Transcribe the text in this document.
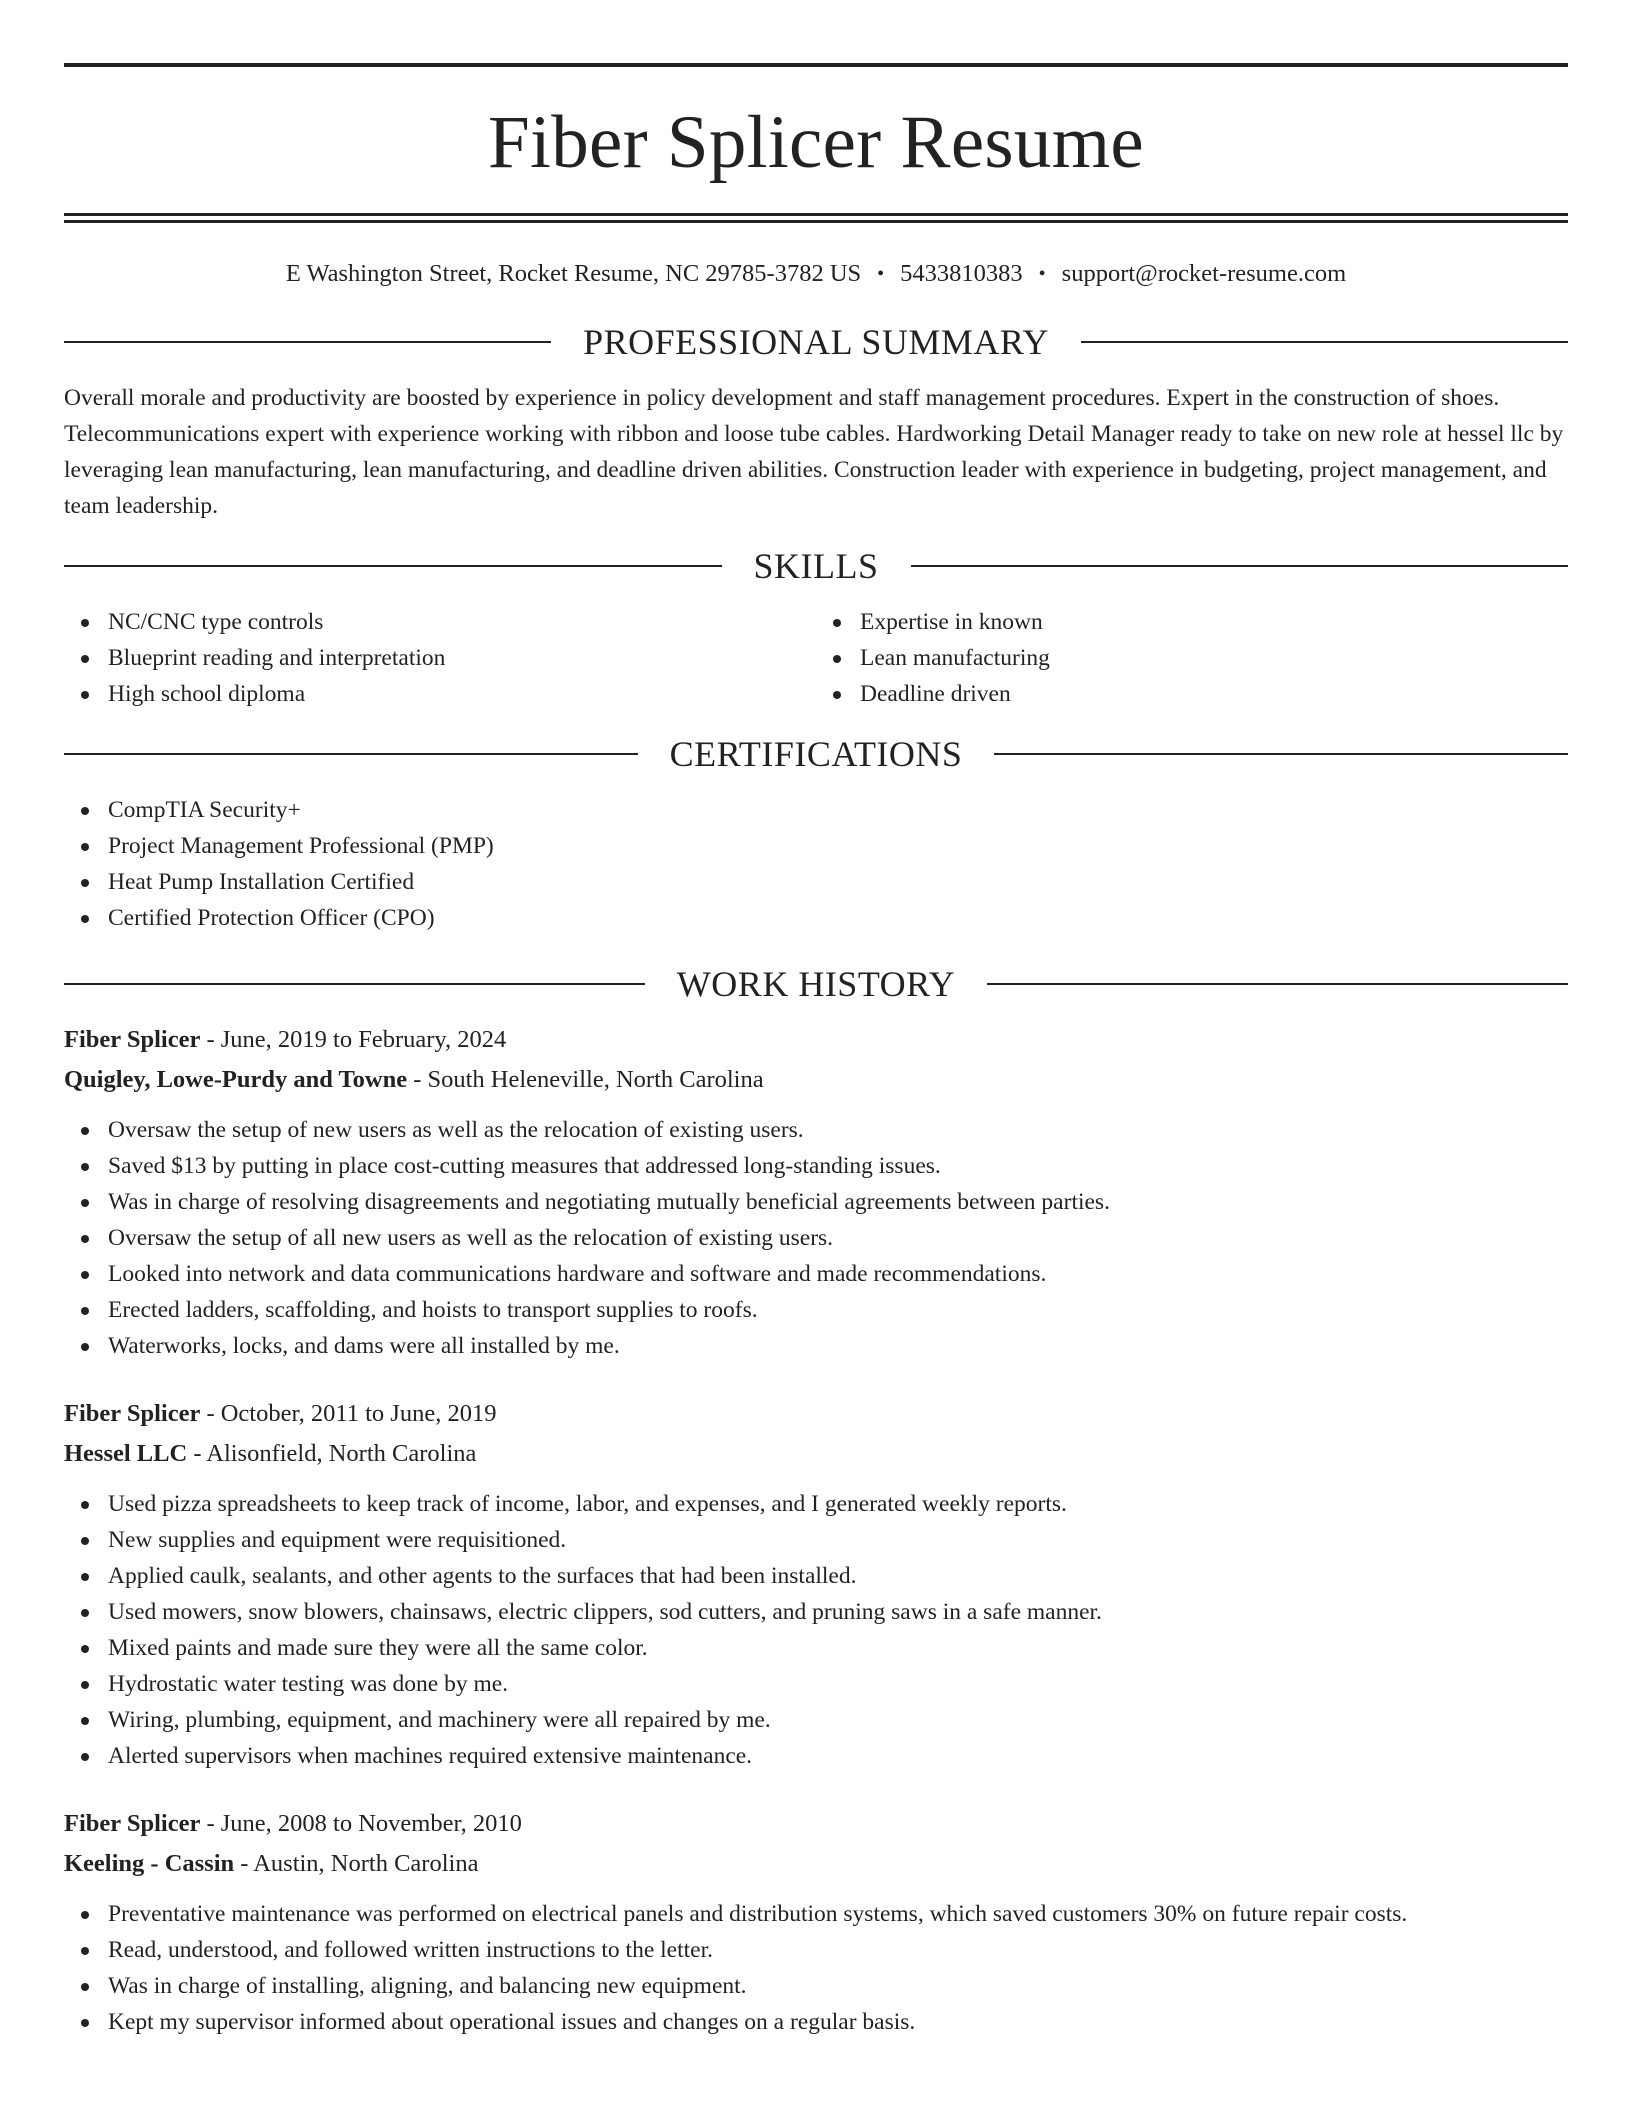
Fiber Splicer Resume
E Washington Street, Rocket Resume, NC 29785-3782 US • 5433810383 • support@rocket-resume.com
PROFESSIONAL SUMMARY

Overall morale and productivity are boosted by experience in policy development and staff management procedures. Expert in the construction of shoes. Telecommunications expert with experience working with ribbon and loose tube cables. Hardworking Detail Manager ready to take on new role at hessel llc by leveraging lean manufacturing, lean manufacturing, and deadline driven abilities. Construction leader with experience in budgeting, project management, and team leadership.

SKILLS
NC/CNC type controls
Blueprint reading and interpretation
High school diploma
Expertise in known
Lean manufacturing
Deadline driven
CERTIFICATIONS
CompTIA Security+
Project Management Professional (PMP)
Heat Pump Installation Certified
Certified Protection Officer (CPO)
WORK HISTORY
Fiber Splicer - June, 2019 to February, 2024
Quigley, Lowe-Purdy and Towne - South Heleneville, North Carolina
Oversaw the setup of new users as well as the relocation of existing users.
Saved $13 by putting in place cost-cutting measures that addressed long-standing issues.
Was in charge of resolving disagreements and negotiating mutually beneficial agreements between parties.
Oversaw the setup of all new users as well as the relocation of existing users.
Looked into network and data communications hardware and software and made recommendations.
Erected ladders, scaffolding, and hoists to transport supplies to roofs.
Waterworks, locks, and dams were all installed by me.
Fiber Splicer - October, 2011 to June, 2019
Hessel LLC - Alisonfield, North Carolina
Used pizza spreadsheets to keep track of income, labor, and expenses, and I generated weekly reports.
New supplies and equipment were requisitioned.
Applied caulk, sealants, and other agents to the surfaces that had been installed.
Used mowers, snow blowers, chainsaws, electric clippers, sod cutters, and pruning saws in a safe manner.
Mixed paints and made sure they were all the same color.
Hydrostatic water testing was done by me.
Wiring, plumbing, equipment, and machinery were all repaired by me.
Alerted supervisors when machines required extensive maintenance.
Fiber Splicer - June, 2008 to November, 2010
Keeling - Cassin - Austin, North Carolina
Preventative maintenance was performed on electrical panels and distribution systems, which saved customers 30% on future repair costs.
Read, understood, and followed written instructions to the letter.
Was in charge of installing, aligning, and balancing new equipment.
Kept my supervisor informed about operational issues and changes on a regular basis.
